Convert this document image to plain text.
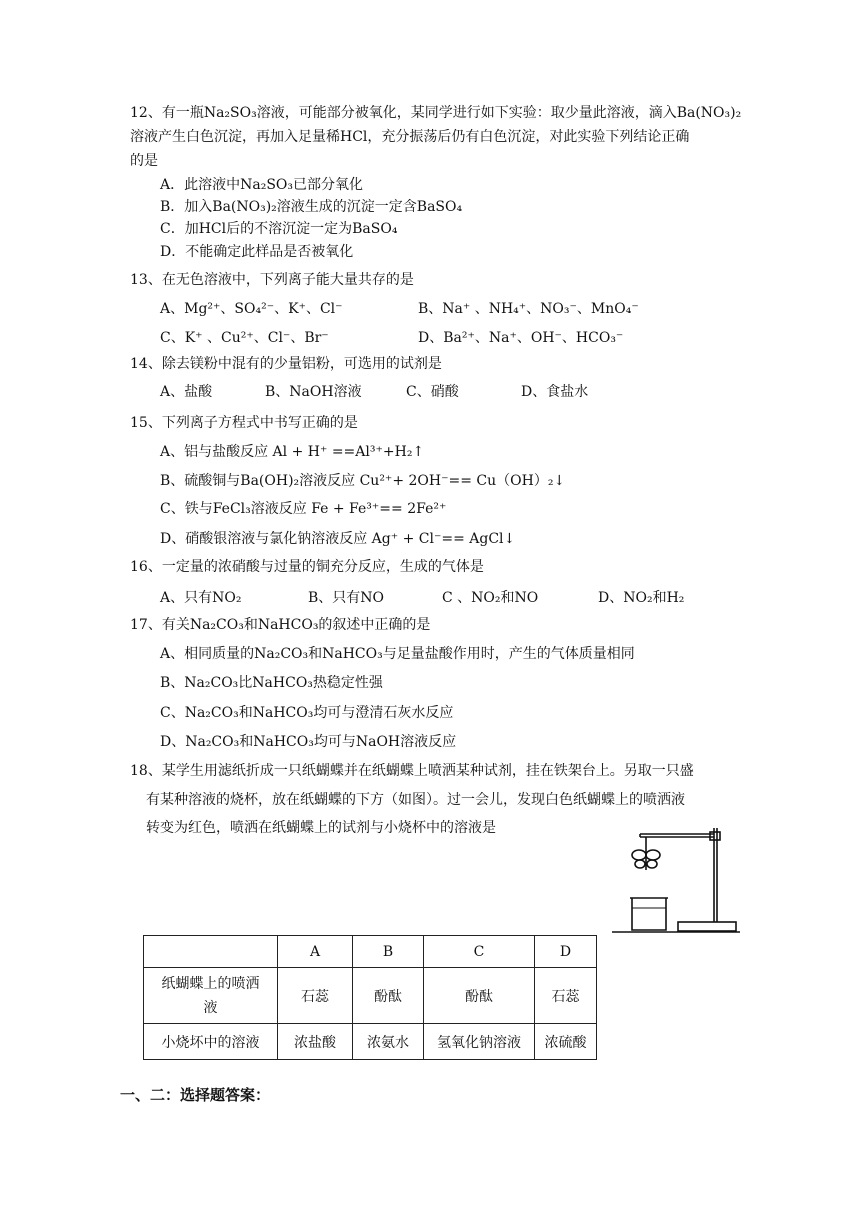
12、有一瓶Na₂SO₃溶液，可能部分被氧化，某同学进行如下实验：取少量此溶液，滴入Ba(NO₃)₂
溶液产生白色沉淀，再加入足量稀HCl，充分振荡后仍有白色沉淀，对此实验下列结论正确
的是
A．此溶液中Na₂SO₃已部分氧化
B．加入Ba(NO₃)₂溶液生成的沉淀一定含BaSO₄
C．加HCl后的不溶沉淀一定为BaSO₄
D．不能确定此样品是否被氧化
13、在无色溶液中，下列离子能大量共存的是
A、Mg²⁺、SO₄²⁻、K⁺、Cl⁻	B、Na⁺ 、NH₄⁺、NO₃⁻、MnO₄⁻
C、K⁺ 、Cu²⁺、Cl⁻、Br⁻	D、Ba²⁺、Na⁺、OH⁻、HCO₃⁻
14、除去镁粉中混有的少量铝粉，可选用的试剂是
A、盐酸	B、NaOH溶液	C、硝酸	D、食盐水
15、下列离子方程式中书写正确的是
A、铝与盐酸反应 Al + H⁺ ==Al³⁺+H₂↑
B、硫酸铜与Ba(OH)₂溶液反应 Cu²⁺+ 2OH⁻== Cu（OH）₂↓
C、铁与FeCl₃溶液反应 Fe + Fe³⁺== 2Fe²⁺
D、硝酸银溶液与氯化钠溶液反应 Ag⁺ + Cl⁻== AgCl↓
16、一定量的浓硝酸与过量的铜充分反应，生成的气体是
A、只有NO₂	B、只有NO	C 、NO₂和NO	D、NO₂和H₂
17、有关Na₂CO₃和NaHCO₃的叙述中正确的是
A、相同质量的Na₂CO₃和NaHCO₃与足量盐酸作用时，产生的气体质量相同
B、Na₂CO₃比NaHCO₃热稳定性强
C、Na₂CO₃和NaHCO₃均可与澄清石灰水反应
D、Na₂CO₃和NaHCO₃均可与NaOH溶液反应
18、某学生用滤纸折成一只纸蝴蝶并在纸蝴蝶上喷洒某种试剂，挂在铁架台上。另取一只盛
有某种溶液的烧杯，放在纸蝴蝶的下方（如图）。过一会儿，发现白色纸蝴蝶上的喷洒液
转变为红色，喷洒在纸蝴蝶上的试剂与小烧杯中的溶液是
	A	B	C	D
纸蝴蝶上的喷洒
液	石蕊	酚酞	酚酞	石蕊
小烧坏中的溶液	浓盐酸	浓氨水	氢氧化钠溶液	浓硫酸
一、二：选择题答案：
